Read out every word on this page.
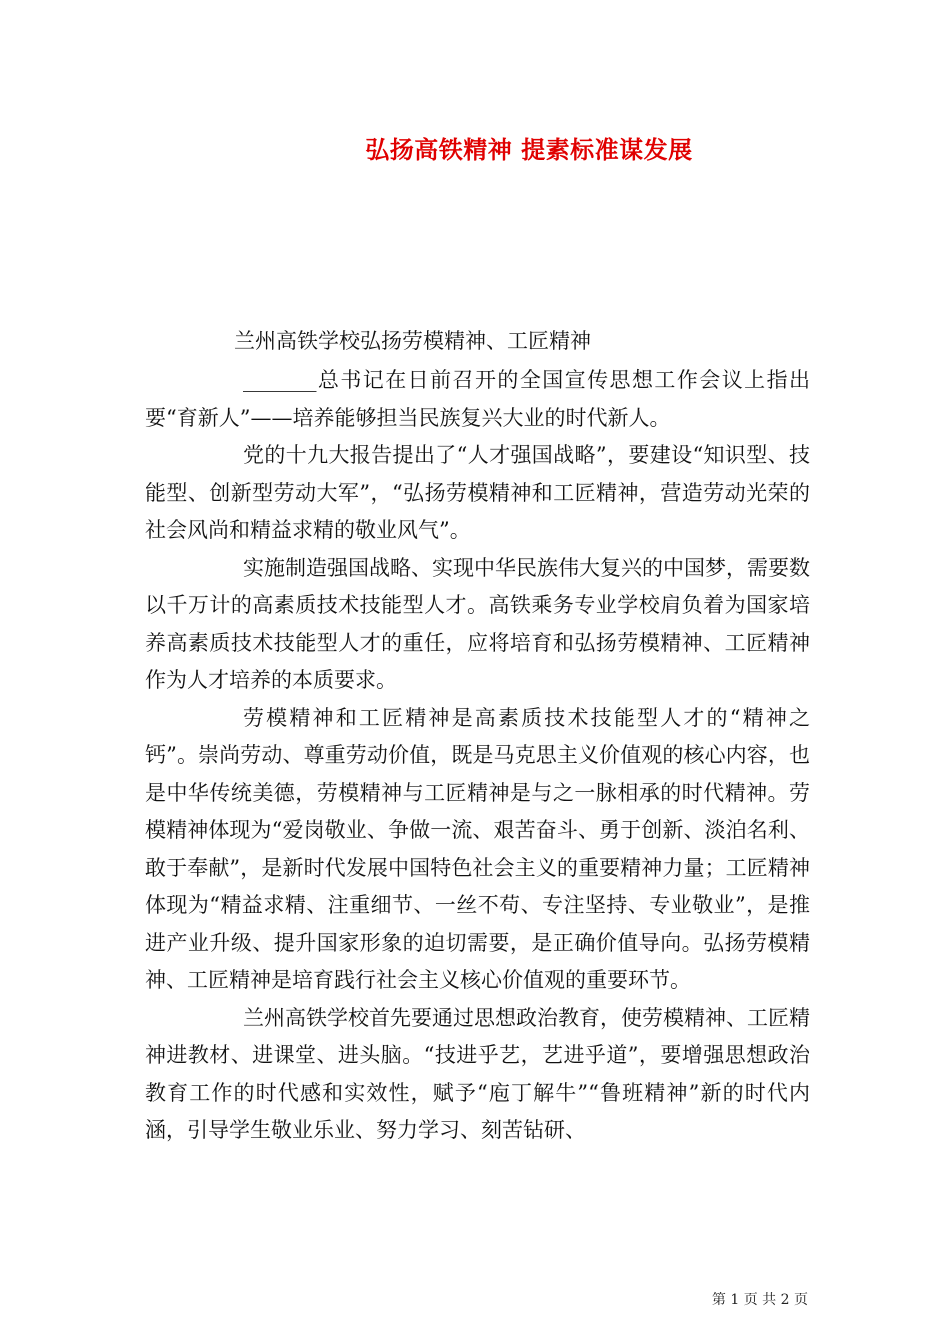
弘扬高铁精神 提素标准谋发展
兰州高铁学校弘扬劳模精神、工匠精神

_______总书记在日前召开的全国宣传思想工作会议上指出要“育新人”——培养能够担当民族复兴大业的时代新人。

党的十九大报告提出了“人才强国战略”，要建设“知识型、技能型、创新型劳动大军”，“弘扬劳模精神和工匠精神，营造劳动光荣的社会风尚和精益求精的敬业风气”。

实施制造强国战略、实现中华民族伟大复兴的中国梦，需要数以千万计的高素质技术技能型人才。高铁乘务专业学校肩负着为国家培养高素质技术技能型人才的重任，应将培育和弘扬劳模精神、工匠精神作为人才培养的本质要求。

劳模精神和工匠精神是高素质技术技能型人才的“精神之钙”。崇尚劳动、尊重劳动价值，既是马克思主义价值观的核心内容，也是中华传统美德，劳模精神与工匠精神是与之一脉相承的时代精神。劳模精神体现为“爱岗敬业、争做一流、艰苦奋斗、勇于创新、淡泊名利、敢于奉献”，是新时代发展中国特色社会主义的重要精神力量；工匠精神体现为“精益求精、注重细节、一丝不苟、专注坚持、专业敬业”，是推进产业升级、提升国家形象的迫切需要，是正确价值导向。弘扬劳模精神、工匠精神是培育践行社会主义核心价值观的重要环节。

兰州高铁学校首先要通过思想政治教育，使劳模精神、工匠精神进教材、进课堂、进头脑。“技进乎艺，艺进乎道”，要增强思想政治教育工作的时代感和实效性，赋予“庖丁解牛”“鲁班精神”新的时代内涵，引导学生敬业乐业、努力学习、刻苦钻研、

第 1 页 共 2 页
